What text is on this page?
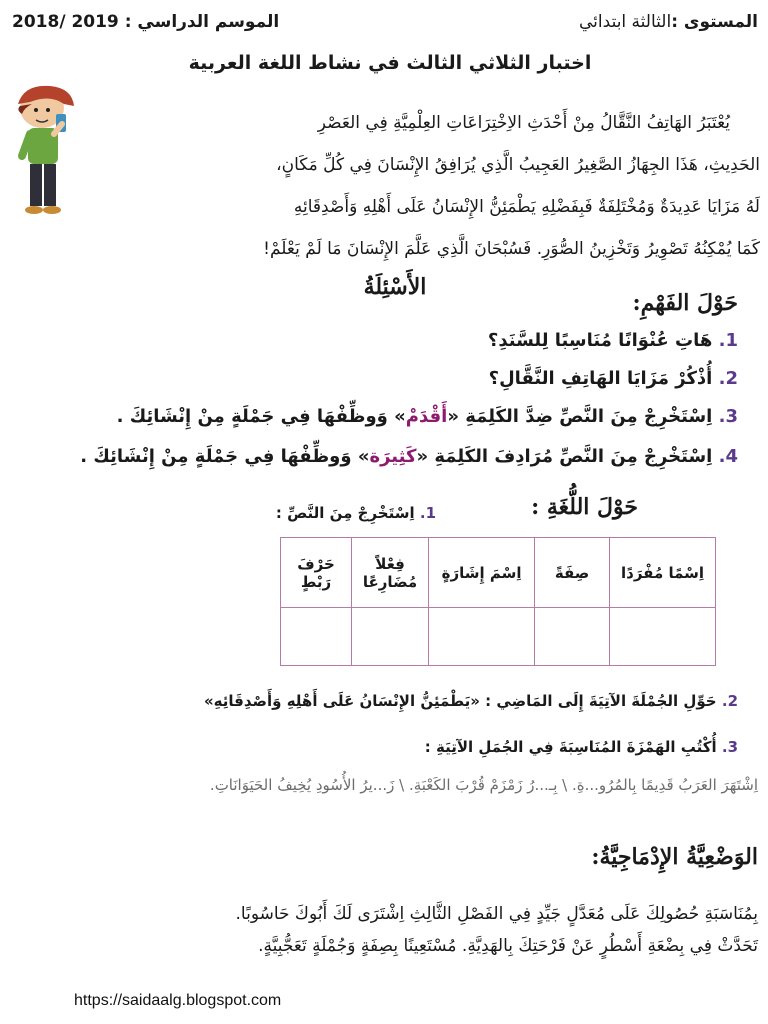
المستوى :الثالثة ابتدائي
الموسم الدراسي : 2018/ 2019
اختبار الثلاثي الثالث في نشاط اللغة العربية
يُعْتَبَرُ الهَاتِفُ النَّقَّالُ مِنْ أَحْدَثِ الاِخْتِرَاعَاتِ العِلْمِيَّةِ فِي العَصْرِ
الحَدِيثِ، هَذَا الجِهَازُ الصَّغِيرُ العَجِيبُ الَّذِي يُرَافِقُ الإِنْسَانَ فِي كُلِّ مَكَانٍ،
لَهُ مَزَايَا عَدِيدَةٌ وَمُخْتَلِفَةٌ فَبِفَضْلِهِ يَطْمَئِنُّ الإِنْسَانُ عَلَى أَهْلِهِ وَأَصْدِقَائِهِ
كَمَا يُمْكِنُهُ تَصْوِيرُ وَتَخْزِينُ الصُّوَرِ. فَسُبْحَانَ الَّذِي عَلَّمَ الإِنْسَانَ مَا لَمْ يَعْلَمْ!
الأَسْئِلَةُ
حَوْلَ الفَهْمِ:
1. هَاتِ عُنْوَانًا مُنَاسِبًا لِلسَّنَدِ؟
2. أُذْكُرْ مَزَايَا الهَاتِفِ النَّقَّالِ؟
3. اِسْتَخْرِجْ مِنَ النَّصِّ ضِدَّ الكَلِمَةِ «أَقْدَمْ» وَوظِّفْهَا فِي جَمْلَةٍ مِنْ إِنْشَائِكَ .
4. اِسْتَخْرِجْ مِنَ النَّصِّ مُرَادِفَ الكَلِمَةِ «كَثِيرَة» وَوظِّفْهَا فِي جَمْلَةٍ مِنْ إِنْشَائِكَ .
حَوْلَ اللُّغَةِ :
1. اِسْتَخْرِجْ مِنَ النَّصِّ :
اِسْمًا مُفْرَدًا	صِفَةً	اِسْمَ إِشَارَةٍ	فِعْلاً مُضَارِعًا	حَرْفَ رَبْطٍ

2. حَوِّلِ الجُمْلَةَ الآتِيَةَ إِلَى المَاضِي : «يَطْمَئِنُّ الإِنْسَانُ عَلَى أَهْلِهِ وَأَصْدِقَائِهِ»
3. أُكْتُبِ الهَمْزَةَ المُنَاسِبَةَ فِي الجُمَلِ الآتِيَةِ :
اِشْتَهَرَ العَرَبُ قَدِيمًا بِالمُرُو...ةِ. \ بِـ...رُ زَمْزَمْ قُرْبَ الكَعْبَةِ. \ زَ...يرُ الأُسُودِ يُخِيفُ الحَيَوَانَاتِ.
الوَضْعِيَّةُ الإِدْمَاجِيَّةُ:
بِمُنَاسَبَةِ حُصُولِكَ عَلَى مُعَدَّلٍ جَيِّدٍ فِي الفَصْلِ الثَّالِثِ اِشْتَرَى لَكَ أَبُوكَ حَاسُوبًا.
تَحَدَّثْ فِي بِضْعَةِ أَسْطُرٍ عَنْ فَرْحَتِكَ بِالهَدِيَّةِ. مُسْتَعِينًا بِصِفَةٍ وَجُمْلَةٍ تَعَجُّبِيَّةٍ.
https://saidaalg.blogspot.com
